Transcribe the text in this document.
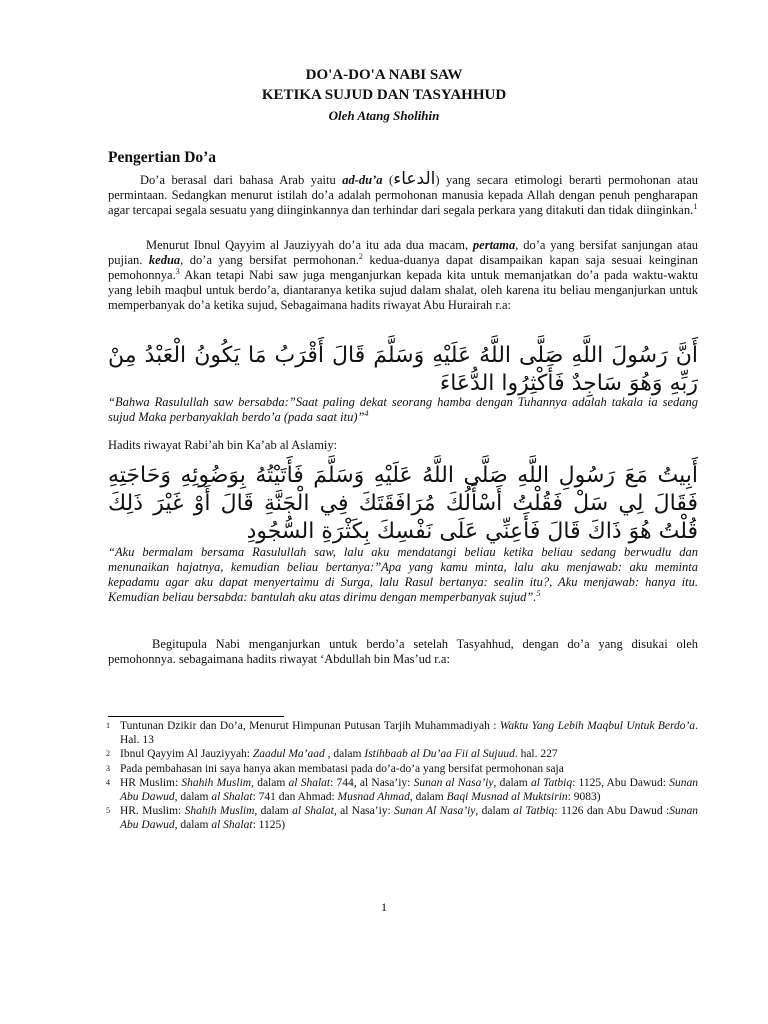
DO'A-DO'A NABI SAW
KETIKA SUJUD DAN TASYAHHUD
Oleh Atang Sholihin
Pengertian Do’a
Do’a berasal dari bahasa Arab yaitu ad-du’a (الدعاء) yang secara etimologi berarti permohonan atau permintaan. Sedangkan menurut istilah do’a adalah permohonan manusia kepada Allah dengan penuh pengharapan agar tercapai segala sesuatu yang diinginkannya dan terhindar dari segala perkara yang ditakuti dan tidak diinginkan.$^1$
Menurut Ibnul Qayyim al Jauziyyah do’a itu ada dua macam, pertama, do’a yang bersifat sanjungan atau pujian. kedua, do’a yang bersifat permohonan.$^2$ kedua-duanya dapat disampaikan kapan saja sesuai keinginan pemohonnya.$^3$ Akan tetapi Nabi saw juga menganjurkan kepada kita untuk memanjatkan do’a pada waktu-waktu yang lebih maqbul untuk berdo’a, diantaranya ketika sujud dalam shalat, oleh karena itu beliau menganjurkan untuk memperbanyak do’a ketika sujud, Sebagaimana hadits riwayat Abu Hurairah r.a:
أَنَّ رَسُولَ اللَّهِ صَلَّى اللَّهُ عَلَيْهِ وَسَلَّمَ قَالَ أَقْرَبُ مَا يَكُونُ الْعَبْدُ مِنْ رَبِّهِ وَهُوَ سَاجِدٌ فَأَكْثِرُوا الدُّعَاءَ
“Bahwa Rasulullah saw bersabda:”Saat paling dekat seorang hamba dengan Tuhannya adalah takala ia sedang sujud Maka perbanyaklah berdo’a (pada saat itu)”$^4$
Hadits riwayat Rabi’ah bin Ka’ab al Aslamiy:
أَبِيتُ مَعَ رَسُولِ اللَّهِ صَلَّى اللَّهُ عَلَيْهِ وَسَلَّمَ فَأَتَيْتُهُ بِوَضُوئِهِ وَحَاجَتِهِ فَقَالَ لِي سَلْ فَقُلْتُ أَسْأَلُكَ مُرَافَقَتَكَ فِي الْجَنَّةِ قَالَ أَوْ غَيْرَ ذَلِكَ قُلْتُ هُوَ ذَاكَ قَالَ فَأَعِنِّي عَلَى نَفْسِكَ بِكَثْرَةِ السُّجُودِ
“Aku bermalam bersama Rasulullah saw, lalu aku mendatangi beliau ketika beliau sedang berwudlu dan menunaikan hajatnya, kemudian beliau bertanya:”Apa yang kamu minta, lalu aku menjawab: aku meminta kepadamu agar aku dapat menyertaimu di Surga, lalu Rasul bertanya: sealin itu?, Aku menjawab: hanya itu. Kemudian beliau bersabda: bantulah aku atas dirimu dengan memperbanyak sujud”.$^5$
Begitupula Nabi menganjurkan untuk berdo’a setelah Tasyahhud, dengan do’a yang disukai oleh pemohonnya. sebagaimana hadits riwayat ‘Abdullah bin Mas’ud r.a:
1 Tuntunan Dzikir dan Do’a, Menurut Himpunan Putusan Tarjih Muhammadiyah : Waktu Yang Lebih Maqbul Untuk Berdo’a. Hal. 13
2 Ibnul Qayyim Al Jauziyyah: Zaadul Ma’aad , dalam Istihbaab al Du’aa Fii al Sujuud. hal. 227
3 Pada pembahasan ini saya hanya akan membatasi pada do’a-do’a yang bersifat permohonan saja
4 HR Muslim: Shahih Muslim, dalam al Shalat: 744, al Nasa’iy: Sunan al Nasa’iy, dalam al Tatbiq: 1125, Abu Dawud: Sunan Abu Dawud, dalam al Shalat: 741 dan Ahmad: Musnad Ahmad, dalam Baqi Musnad al Muktsirin: 9083)
5 HR. Muslim: Shahih Muslim, dalam al Shalat, al Nasa’iy: Sunan Al Nasa’iy, dalam al Tatbiq: 1126 dan Abu Dawud :Sunan Abu Dawud, dalam al Shalat: 1125)
1
